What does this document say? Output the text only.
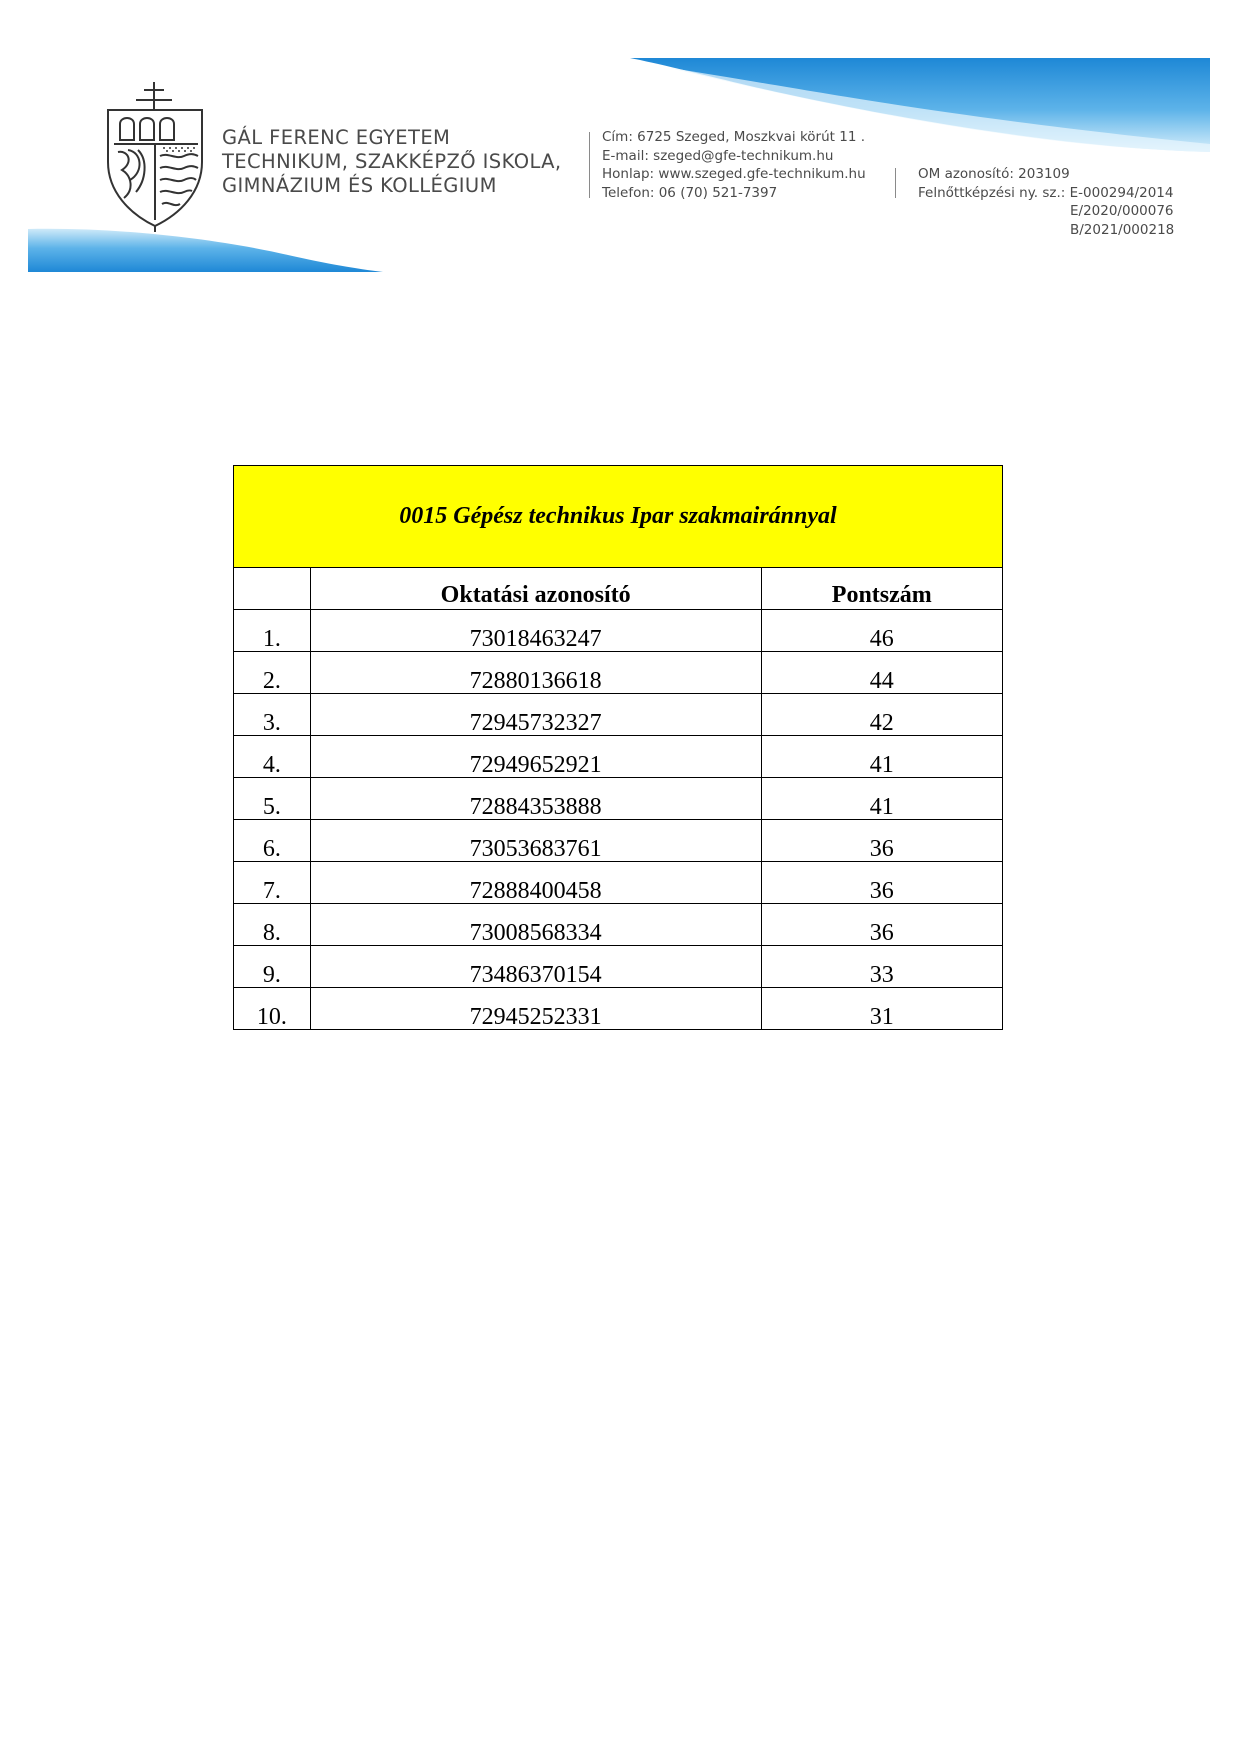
GÁL FERENC EGYETEM
TECHNIKUM, SZAKKÉPZŐ ISKOLA,
GIMNÁZIUM ÉS KOLLÉGIUM
Cím: 6725 Szeged, Moszkvai körút 11 .
E-mail: szeged@gfe-technikum.hu
Honlap: www.szeged.gfe-technikum.hu
Telefon: 06 (70) 521-7397
OM azonosító: 203109
Felnőttképzési ny. sz.: E-000294/2014
E/2020/000076
B/2021/000218
0015 Gépész technikus Ipar szakmairánnyal		
	Oktatási azonosító	Pontszám
1.	73018463247	46
2.	72880136618	44
3.	72945732327	42
4.	72949652921	41
5.	72884353888	41
6.	73053683761	36
7.	72888400458	36
8.	73008568334	36
9.	73486370154	33
10.	72945252331	31
